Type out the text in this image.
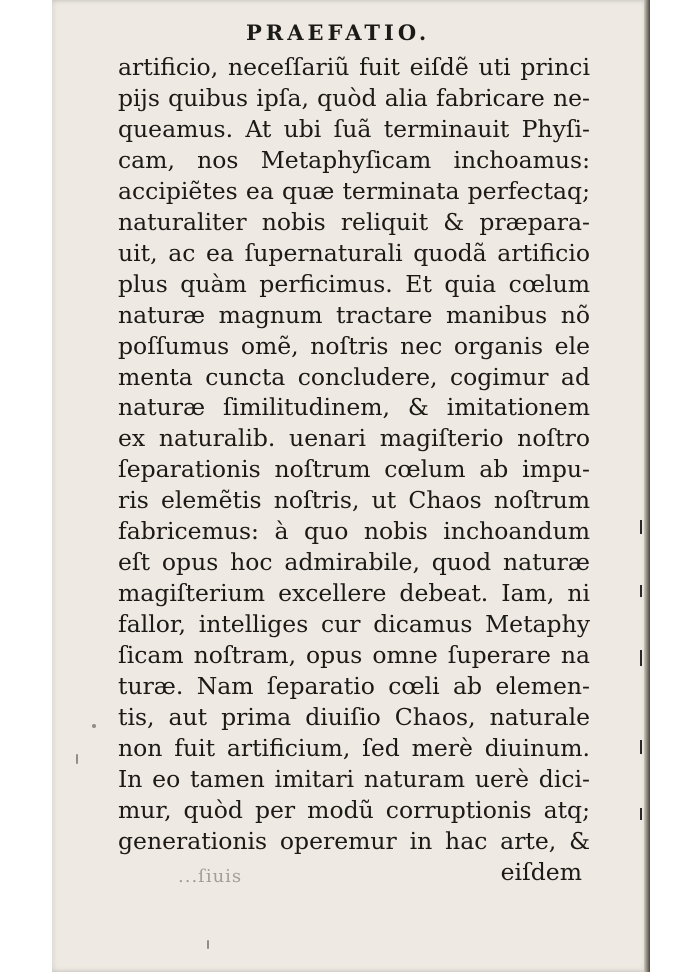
PRAEFATIO.
artificio, neceſſariũ fuit eiſdẽ uti princi
pijs quibus ipſa, quòd alia fabricare ne-
queamus. At ubi ſuã terminauit Phyſi-
cam, nos Metaphyſicam inchoamus:
accipiẽtes ea quæ terminata perfectaq;
naturaliter nobis reliquit & præpara-
uit, ac ea ſupernaturali quodã artificio
plus quàm perficimus. Et quia cœlum
naturæ magnum tractare manibus nõ
poſſumus omẽ, noſtris nec organis ele
menta cuncta concludere, cogimur ad
naturæ ſimilitudinem, & imitationem
ex naturalib. uenari magiſterio noſtro
ſeparationis noſtrum cœlum ab impu-
ris elemẽtis noſtris, ut Chaos noſtrum
fabricemus: à quo nobis inchoandum
eſt opus hoc admirabile, quod naturæ
magiſterium excellere debeat. Iam, ni
fallor, intelliges cur dicamus Metaphy
ſicam noſtram, opus omne ſuperare na
turæ. Nam ſeparatio cœli ab elemen-
tis, aut prima diuiſio Chaos, naturale
non fuit artificium, ſed merè diuinum.
In eo tamen imitari naturam uerè dici-
mur, quòd per modũ corruptionis atq;
generationis operemur in hac arte, &
eiſdem
...ſiuis
